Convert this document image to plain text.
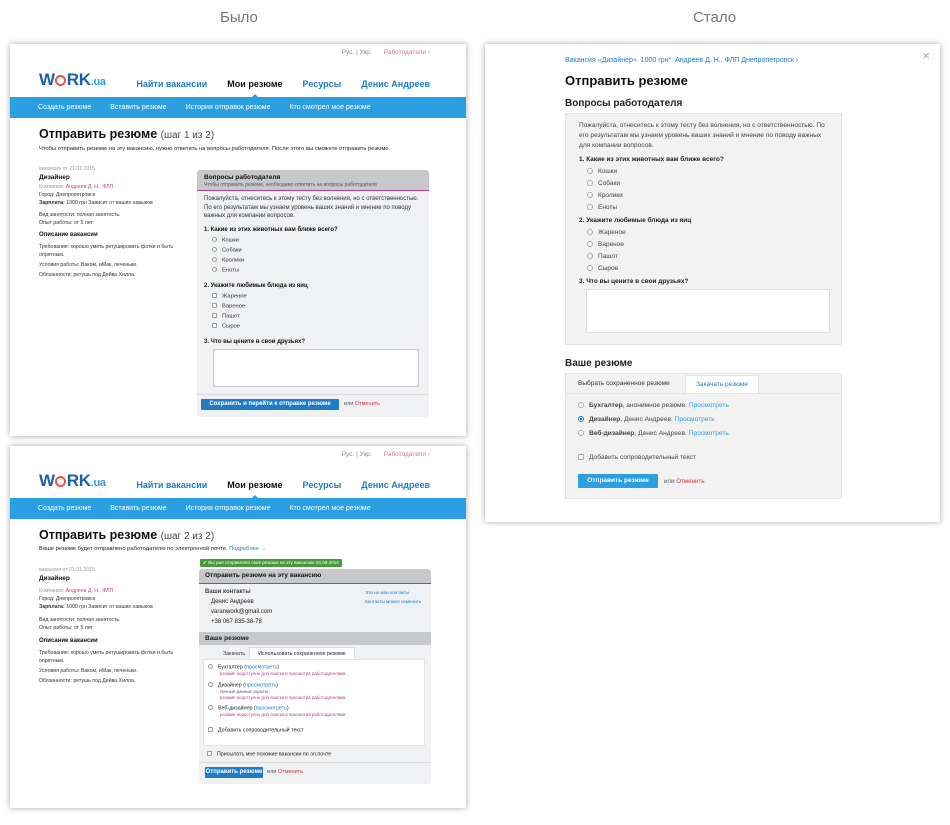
Было	Стало
Рус. | Укр. Работодатели ›
W RK.ua	Найти вакансии Мои резюме Ресурсы Денис Андреев
Создать резюме	Вставить резюме	История отправок резюме	Кто смотрел мое резюме
Отправить резюме (шаг 1 из 2)
Чтобы отправить резюме на эту вакансию, нужно ответить на вопросы работодателя. После этого вы сможете отправить резюме.
вакансия от 21.01.2015
Дизайнер
Компания: Андреев Д. Н., ФЛП
Город: Днепропетровск
Зарплата: 1000 грн Зависит от ваших навыков
Вид занятости: полная занятость.
Опыт работы: от 5 лет
Описание вакансии
Требования: хорошо уметь ретушировать фотки и быть опрятным.
Условия работы: Ваком, иМак, печеньки.
Обязанности: ретушь под Дейва Хилла.
Вопросы работодателя
Чтобы отправить резюме, необходимо ответить на вопросы работодателя
Пожалуйста, отнеситесь к этому тесту без волнения, но с ответственностью. По его результатам мы узнаем уровень ваших знаний и мнение по поводу важных для компании вопросов.
1. Какие из этих животных вам ближе всего?
Кошки
Собаки
Кролики
Еноты
2. Укажите любимые блюда из яиц
Жареное
Вареное
Пашот
Сырое
3. Что вы цените в свои друзьях?
Сохранить и перейти к отправке резюме	или Отменить
Рус. | Укр. Работодатели ›
W RK.ua	Найти вакансии Мои резюме Ресурсы Денис Андреев
Создать резюме	Вставить резюме	История отправок резюме	Кто смотрел мое резюме
Отправить резюме (шаг 2 из 2)
Ваше резюме будет отправлено работодателю по электронной почте. Подробнее →
вакансия от 21.01.2015
Дизайнер
Компания: Андреев Д. Н., ФЛП
Город: Днепропетровск
Зарплата: 1000 грн Зависит от ваших навыков
Вид занятости: полная занятость.
Опыт работы: от 5 лет
Описание вакансии
Требования: хорошо уметь ретушировать фотки и быть опрятным.
Условия работы: Ваком, иМак, печеньки.
Обязанности: ретушь под Дейва Хилла.
✔ Вы уже отправляли свое резюме на эту вакансию 03.09.2014
Отправить резюме на эту вакансию
Ваши контакты	Это не мои контакты
Контакты можно изменить
Денис Андреев
varanwork@gmail.com
+38 067 835-38-78
Ваше резюме
Закачать	Использовать сохраненное резюме
Бухгалтер (просмотреть)
резюме недоступно для поиска и просмотра работодателями
Дизайнер (просмотреть)
личные данные скрыты
резюме недоступно для поиска и просмотра работодателями
Веб-дизайнер (просмотреть)
резюме недоступно для поиска и просмотра работодателями
Добавить сопроводительный текст
Присылать мне похожие вакансии по эл.почте
Отправить резюме или Отменить
×
Вакансия «Дизайнер». 1000 грн*. Андреев Д. Н., ФЛП Днепропетровск ›
Отправить резюме
Вопросы работодателя
Пожалуйста, отнеситесь к этому тесту без волнения, но с ответственностью. По его результатам мы узнаем уровень ваших знаний и мнение по поводу важных для компании вопросов.
1. Какие из этих животных вам ближе всего?
Кошки
Собаки
Кролики
Еноты
2. Укажите любимые блюда из яиц
Жареное
Вареное
Пашот
Сырое
3. Что вы цените в свои друзьях?
Ваше резюме
Выбрать сохраненное резюме	Закачать резюме
Бухгалтер, анонимное резюме. Просмотреть
Дизайнер, Денис Андреев. Просмотреть
Веб-дизайнер, Денис Андреев. Просмотреть
Добавить сопроводительный текст
Отправить резюме	или Отменить
